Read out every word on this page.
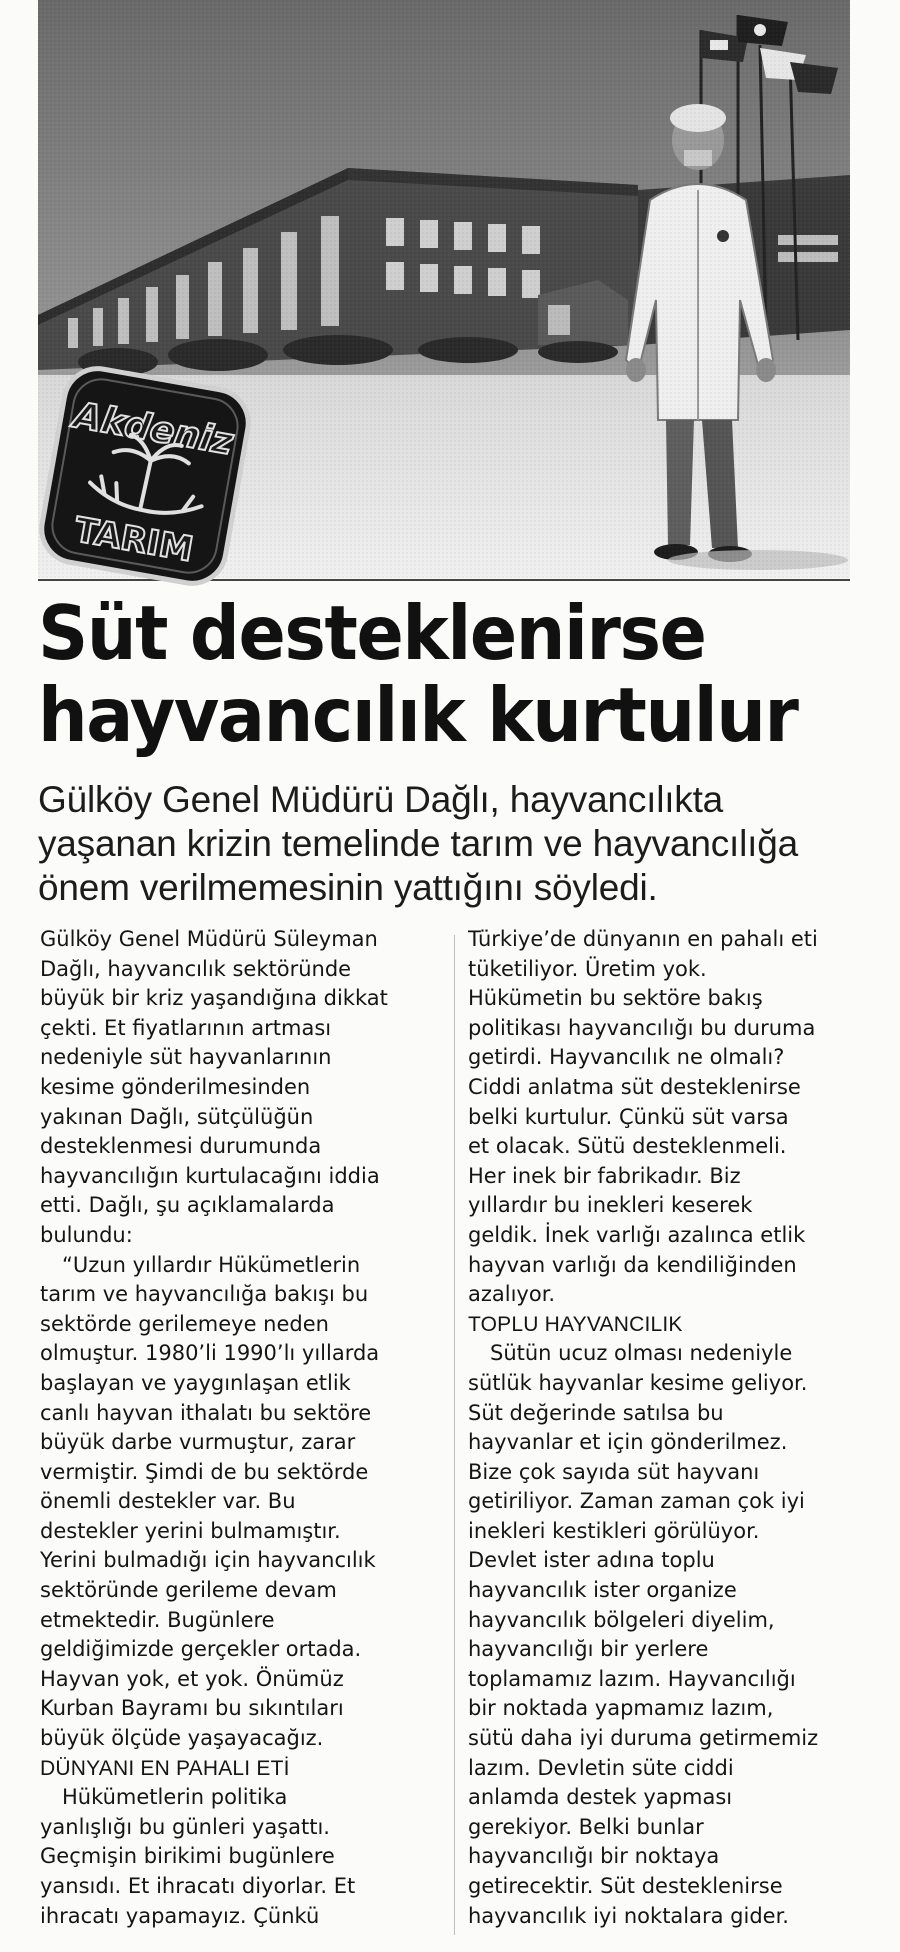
Akdeniz
TARIM
Süt desteklenirse
hayvancılık kurtulur

Gülköy Genel Müdürü Dağlı, hayvancılıkta
yaşanan krizin temelinde tarım ve hayvancılığa
önem verilmemesinin yattığını söyledi.

Gülköy Genel Müdürü Süleyman
Dağlı, hayvancılık sektöründe
büyük bir kriz yaşandığına dikkat
çekti. Et fiyatlarının artması
nedeniyle süt hayvanlarının
kesime gönderilmesinden
yakınan Dağlı, sütçülüğün
desteklenmesi durumunda
hayvancılığın kurtulacağını iddia
etti. Dağlı, şu açıklamalarda
bulundu:
“Uzun yıllardır Hükümetlerin
tarım ve hayvancılığa bakışı bu
sektörde gerilemeye neden
olmuştur. 1980’li 1990’lı yıllarda
başlayan ve yaygınlaşan etlik
canlı hayvan ithalatı bu sektöre
büyük darbe vurmuştur, zarar
vermiştir. Şimdi de bu sektörde
önemli destekler var. Bu
destekler yerini bulmamıştır.
Yerini bulmadığı için hayvancılık
sektöründe gerileme devam
etmektedir. Bugünlere
geldiğimizde gerçekler ortada.
Hayvan yok, et yok. Önümüz
Kurban Bayramı bu sıkıntıları
büyük ölçüde yaşayacağız.
DÜNYANI EN PAHALI ETİ
Hükümetlerin politika
yanlışlığı bu günleri yaşattı.
Geçmişin birikimi bugünlere
yansıdı. Et ihracatı diyorlar. Et
ihracatı yapamayız. Çünkü
Türkiye’de dünyanın en pahalı eti
tüketiliyor. Üretim yok.
Hükümetin bu sektöre bakış
politikası hayvancılığı bu duruma
getirdi. Hayvancılık ne olmalı?
Ciddi anlatma süt desteklenirse
belki kurtulur. Çünkü süt varsa
et olacak. Sütü desteklenmeli.
Her inek bir fabrikadır. Biz
yıllardır bu inekleri keserek
geldik. İnek varlığı azalınca etlik
hayvan varlığı da kendiliğinden
azalıyor.
TOPLU HAYVANCILIK
Sütün ucuz olması nedeniyle
sütlük hayvanlar kesime geliyor.
Süt değerinde satılsa bu
hayvanlar et için gönderilmez.
Bize çok sayıda süt hayvanı
getiriliyor. Zaman zaman çok iyi
inekleri kestikleri görülüyor.
Devlet ister adına toplu
hayvancılık ister organize
hayvancılık bölgeleri diyelim,
hayvancılığı bir yerlere
toplamamız lazım. Hayvancılığı
bir noktada yapmamız lazım,
sütü daha iyi duruma getirmemiz
lazım. Devletin süte ciddi
anlamda destek yapması
gerekiyor. Belki bunlar
hayvancılığı bir noktaya
getirecektir. Süt desteklenirse
hayvancılık iyi noktalara gider.
